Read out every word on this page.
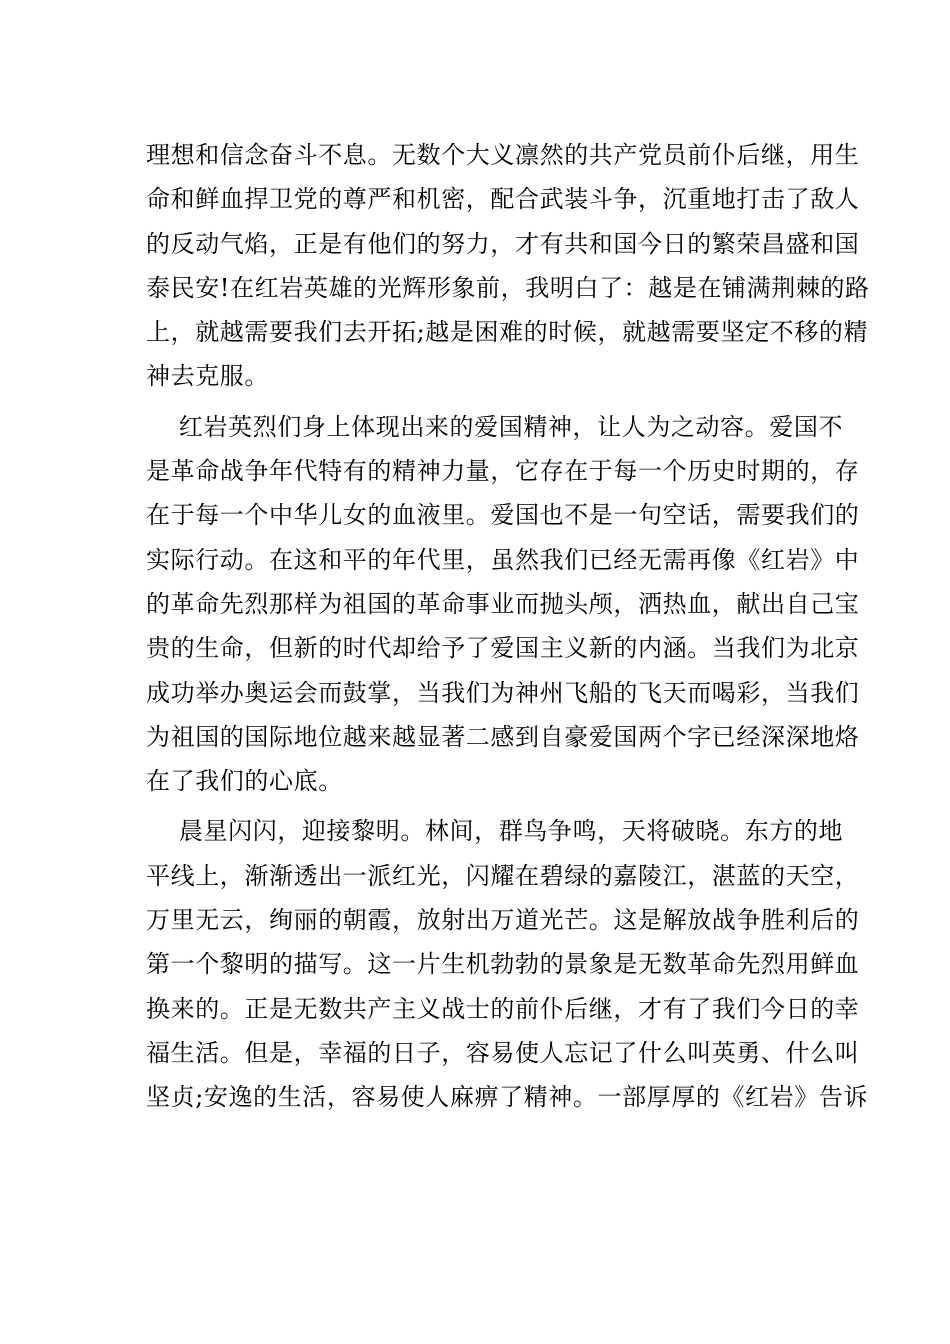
理想和信念奋斗不息。无数个大义凛然的共产党员前仆后继，用生
命和鲜血捍卫党的尊严和机密，配合武装斗争，沉重地打击了敌人
的反动气焰，正是有他们的努力，才有共和国今日的繁荣昌盛和国
泰民安!在红岩英雄的光辉形象前，我明白了：越是在铺满荆棘的路
上，就越需要我们去开拓;越是困难的时候，就越需要坚定不移的精
神去克服。
红岩英烈们身上体现出来的爱国精神，让人为之动容。爱国不
是革命战争年代特有的精神力量，它存在于每一个历史时期的，存
在于每一个中华儿女的血液里。爱国也不是一句空话，需要我们的
实际行动。在这和平的年代里，虽然我们已经无需再像《红岩》中
的革命先烈那样为祖国的革命事业而抛头颅，洒热血，献出自己宝
贵的生命，但新的时代却给予了爱国主义新的内涵。当我们为北京
成功举办奥运会而鼓掌，当我们为神州飞船的飞天而喝彩，当我们
为祖国的国际地位越来越显著二感到自豪爱国两个字已经深深地烙
在了我们的心底。
晨星闪闪，迎接黎明。林间，群鸟争鸣，天将破晓。东方的地
平线上，渐渐透出一派红光，闪耀在碧绿的嘉陵江，湛蓝的天空，
万里无云，绚丽的朝霞，放射出万道光芒。这是解放战争胜利后的
第一个黎明的描写。这一片生机勃勃的景象是无数革命先烈用鲜血
换来的。正是无数共产主义战士的前仆后继，才有了我们今日的幸
福生活。但是，幸福的日子，容易使人忘记了什么叫英勇、什么叫
坚贞;安逸的生活，容易使人麻痹了精神。一部厚厚的《红岩》告诉
